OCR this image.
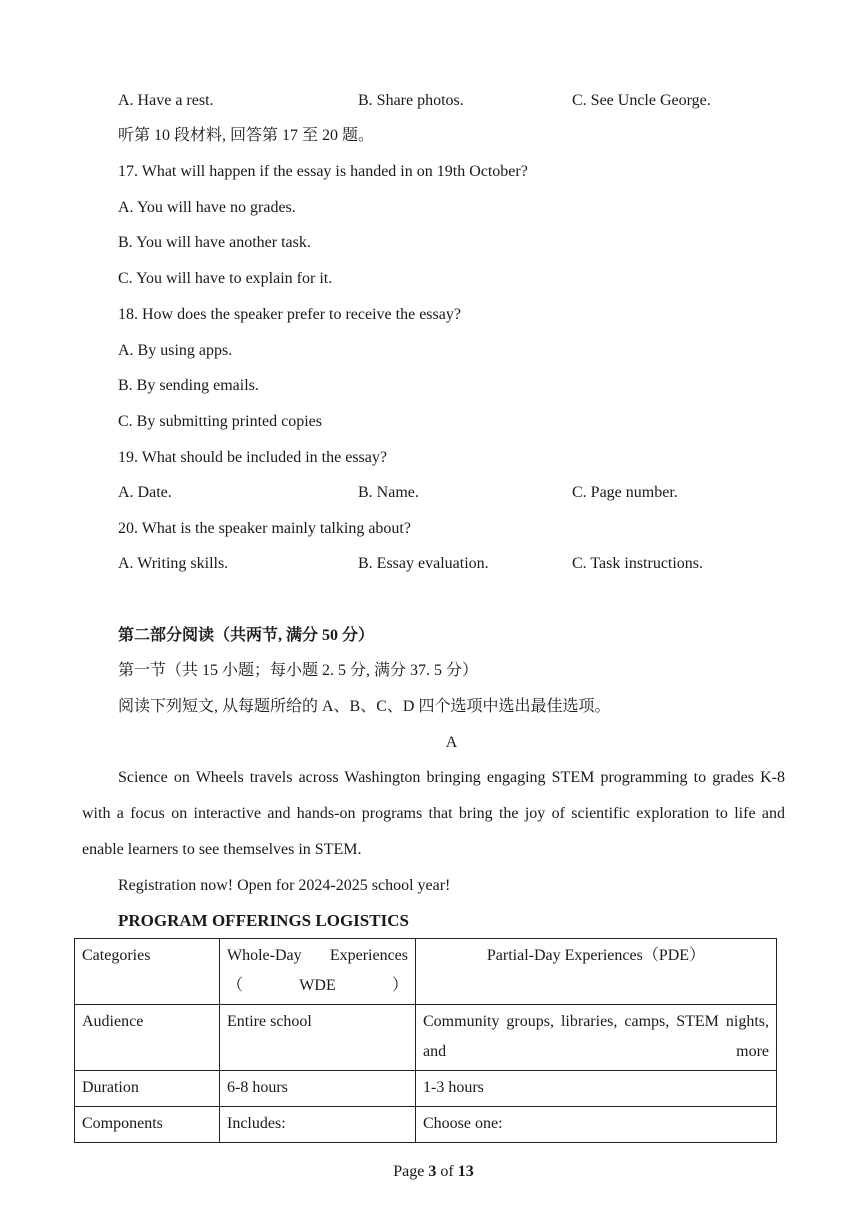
A. Have a rest.	B. Share photos.	C. See Uncle George.
听第 10 段材料, 回答第 17 至 20 题。
17. What will happen if the essay is handed in on 19th October?
A. You will have no grades.
B. You will have another task.
C. You will have to explain for it.
18. How does the speaker prefer to receive the essay?
A. By using apps.
B. By sending emails.
C. By submitting printed copies
19. What should be included in the essay?
A. Date.	B. Name.	C. Page number.
20. What is the speaker mainly talking about?
A. Writing skills.	B. Essay evaluation.	C. Task instructions.
第二部分阅读（共两节, 满分 50 分）
第一节（共 15 小题；每小题 2. 5 分, 满分 37. 5 分）
阅读下列短文, 从每题所给的 A、B、C、D 四个选项中选出最佳选项。
A
Science on Wheels travels across Washington bringing engaging STEM programming to grades K-8 with a focus on interactive and hands-on programs that bring the joy of scientific exploration to life and enable learners to see themselves in STEM.
Registration now! Open for 2024-2025 school year!
PROGRAM OFFERINGS LOGISTICS
Categories	Whole-Day Experiences（WDE）	Partial-Day Experiences（PDE）
Audience	Entire school	Community groups, libraries, camps, STEM nights, and more
Duration	6-8 hours	1-3 hours
Components	Includes:	Choose one:
Page 3 of 13
